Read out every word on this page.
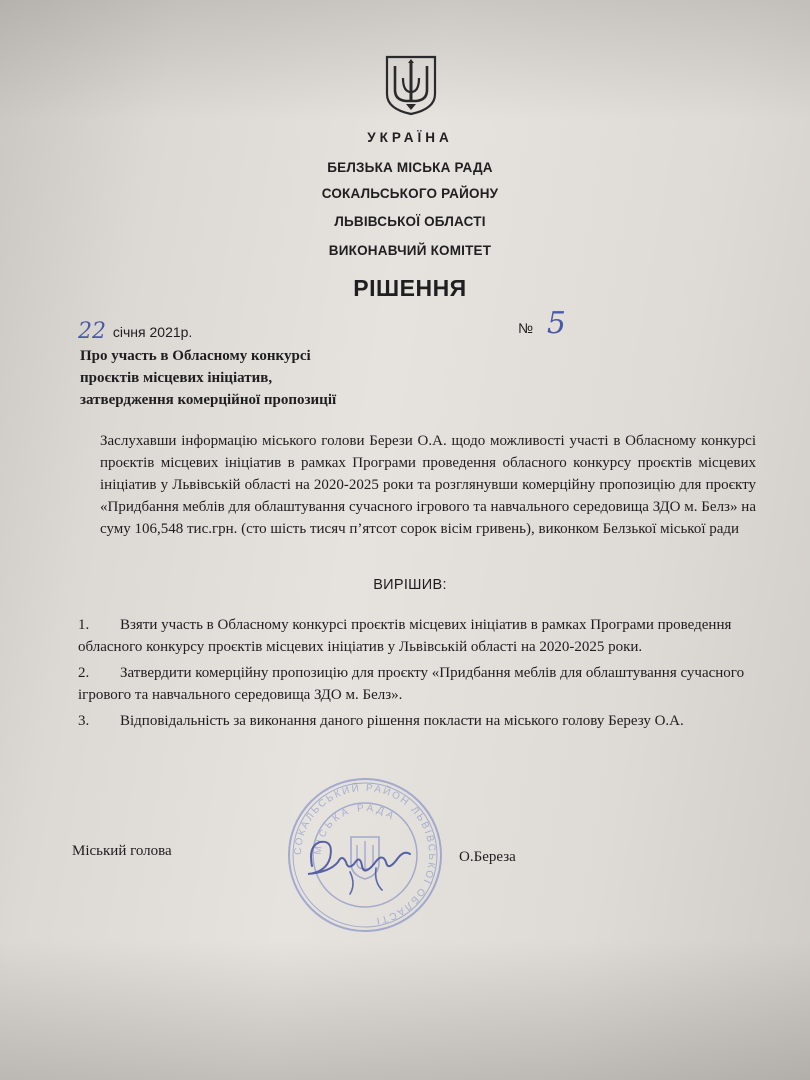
УКРАЇНА
БЕЛЗЬКА МІСЬКА РАДА
СОКАЛЬСЬКОГО РАЙОНУ
ЛЬВІВСЬКОЇ ОБЛАСТІ
ВИКОНАВЧИЙ КОМІТЕТ
РІШЕННЯ
22 січня 2021р.	№ 5
Про участь в Обласному конкурсі
проєктів місцевих ініціатив,
затвердження комерційної пропозиції
Заслухавши інформацію міського голови Берези О.А. щодо можливості участі в Обласному конкурсі проєктів місцевих ініціатив в рамках Програми проведення обласного конкурсу проєктів місцевих ініціатив у Львівській області на 2020-2025 роки та розглянувши комерційну пропозицію для проєкту «Придбання меблів для облаштування сучасного ігрового та навчального середовища ЗДО м. Белз» на суму 106,548 тис.грн. (сто шість тисяч п’ятсот сорок вісім гривень), виконком Белзької міської ради
ВИРІШИВ:
1. Взяти участь в Обласному конкурсі проєктів місцевих ініціатив в рамках Програми проведення обласного конкурсу проєктів місцевих ініціатив у Львівській області на 2020-2025 роки.
2. Затвердити комерційну пропозицію для проєкту «Придбання меблів для облаштування сучасного ігрового та навчального середовища ЗДО м. Белз».
3. Відповідальність за виконання даного рішення покласти на міського голову Березу О.А.
Міський голова	О.Береза
СОКАЛЬСЬКИЙ РАЙОН ЛЬВІВСЬКОЇ ОБЛАСТІ
МІСЬКА РАДА
